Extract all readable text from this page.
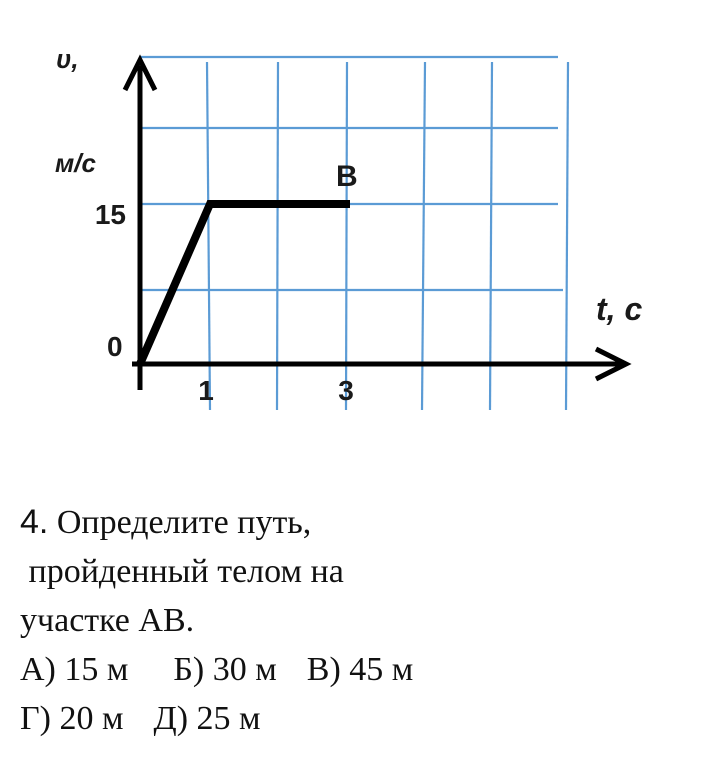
υ,
м/с
t, с
0
15
1	3
B
4. Определите путь,
пройденный телом на
участке АВ.
А) 15 м Б) 30 м В) 45 м
Г) 20 м Д) 25 м
